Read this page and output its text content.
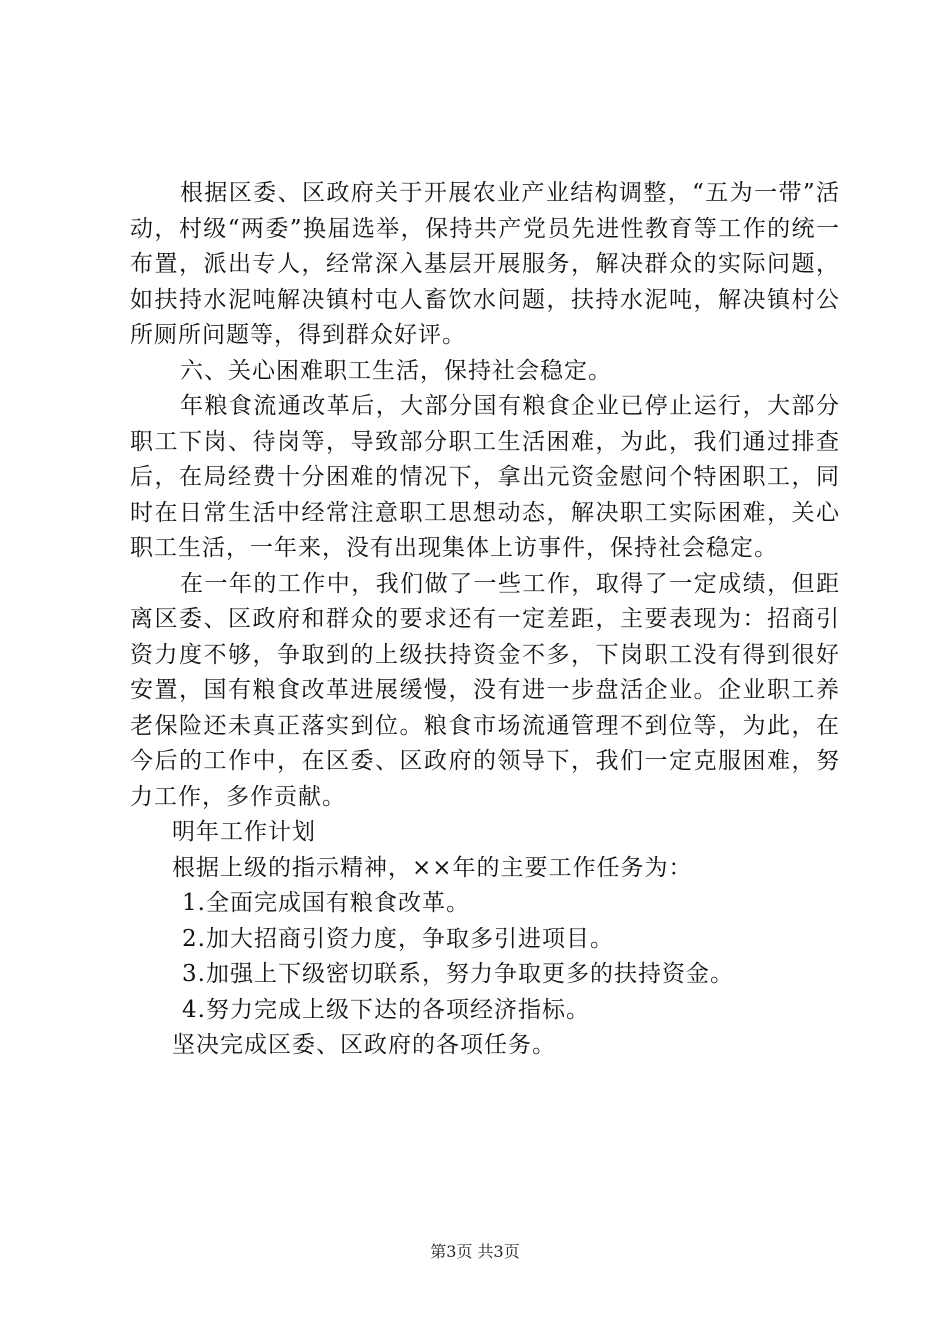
根据区委、区政府关于开展农业产业结构调整，“五为一带”活动，村级“两委”换届选举，保持共产党员先进性教育等工作的统一布置，派出专人，经常深入基层开展服务，解决群众的实际问题，如扶持水泥吨解决镇村屯人畜饮水问题，扶持水泥吨，解决镇村公所厕所问题等，得到群众好评。

六、关心困难职工生活，保持社会稳定。

年粮食流通改革后，大部分国有粮食企业已停止运行，大部分职工下岗、待岗等，导致部分职工生活困难，为此，我们通过排查后，在局经费十分困难的情况下，拿出元资金慰问个特困职工，同时在日常生活中经常注意职工思想动态，解决职工实际困难，关心职工生活，一年来，没有出现集体上访事件，保持社会稳定。

在一年的工作中，我们做了一些工作，取得了一定成绩，但距离区委、区政府和群众的要求还有一定差距，主要表现为：招商引资力度不够，争取到的上级扶持资金不多，下岗职工没有得到很好安置，国有粮食改革进展缓慢，没有进一步盘活企业。企业职工养老保险还未真正落实到位。粮食市场流通管理不到位等，为此，在今后的工作中，在区委、区政府的领导下，我们一定克服困难，努力工作，多作贡献。

明年工作计划

根据上级的指示精神，××年的主要工作任务为：

1.全面完成国有粮食改革。

2.加大招商引资力度，争取多引进项目。

3.加强上下级密切联系，努力争取更多的扶持资金。

4.努力完成上级下达的各项经济指标。

坚决完成区委、区政府的各项任务。

第3页 共3页
